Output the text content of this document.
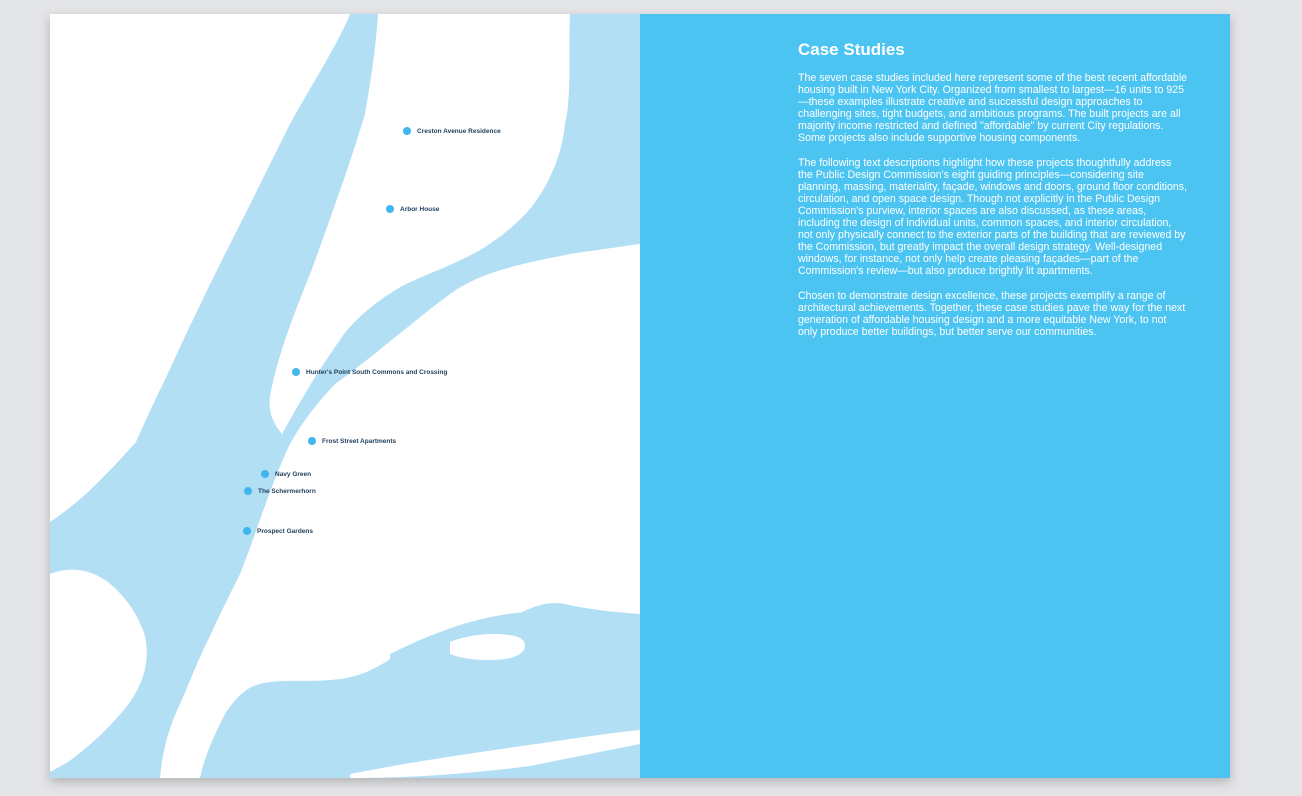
Creston Avenue Residence
Arbor House
Hunter's Point South Commons and Crossing
Frost Street Apartments
Navy Green
The Schermerhorn
Prospect Gardens
Case Studies

The seven case studies included here represent some of the best recent affordable housing built in New York City. Organized from smallest to largest—16 units to 925—these examples illustrate creative and successful design approaches to challenging sites, tight budgets, and ambitious programs. The built projects are all majority income restricted and defined "affordable" by current City regulations. Some projects also include supportive housing components.

The following text descriptions highlight how these projects thoughtfully address the Public Design Commission's eight guiding principles—considering site planning, massing, materiality, façade, windows and doors, ground floor conditions, circulation, and open space design. Though not explicitly in the Public Design Commission's purview, interior spaces are also discussed, as these areas, including the design of individual units, common spaces, and interior circulation, not only physically connect to the exterior parts of the building that are reviewed by the Commission, but greatly impact the overall design strategy. Well-designed windows, for instance, not only help create pleasing façades—part of the Commission's review—but also produce brightly lit apartments.

Chosen to demonstrate design excellence, these projects exemplify a range of architectural achievements. Together, these case studies pave the way for the next generation of affordable housing design and a more equitable New York, to not only produce better buildings, but better serve our communities.
